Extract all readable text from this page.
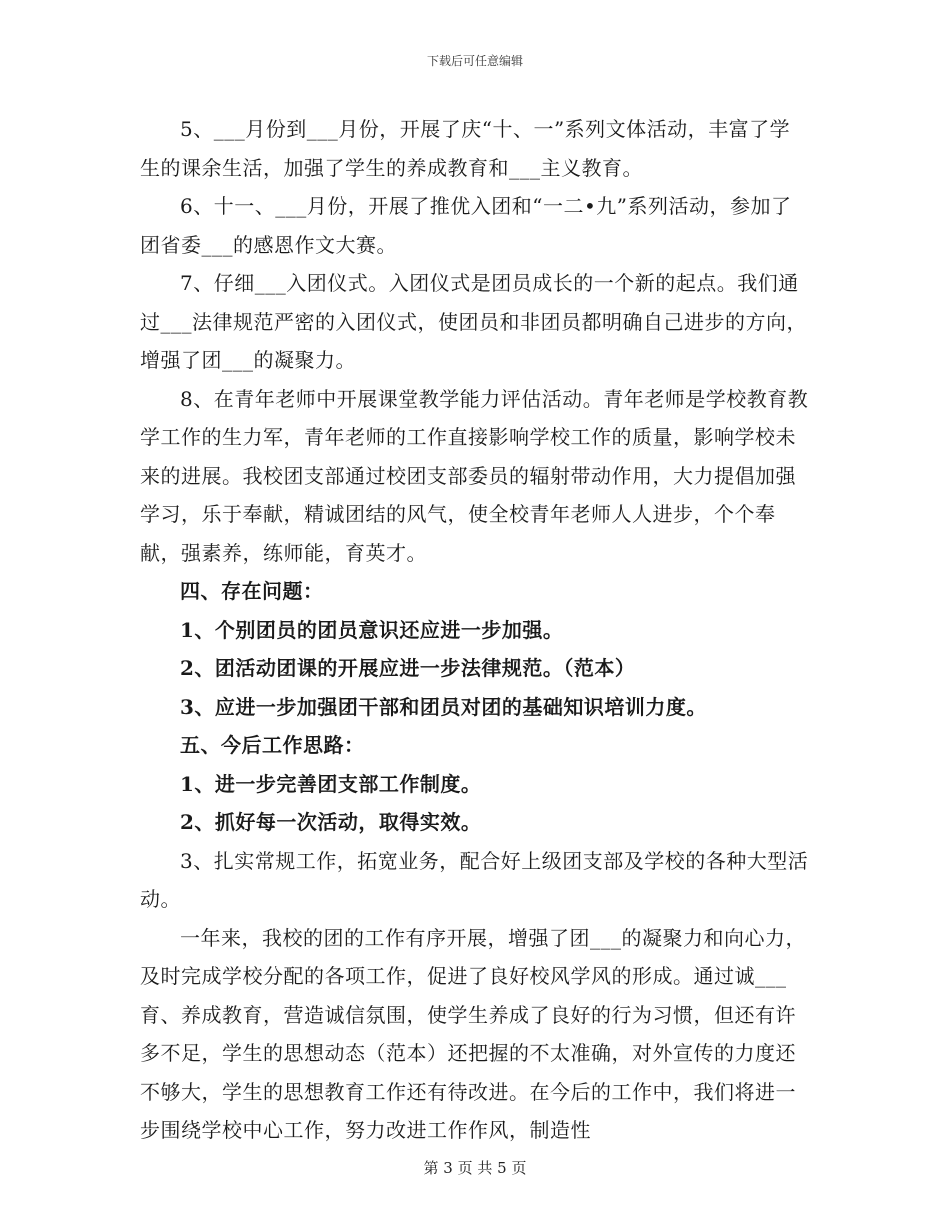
下载后可任意编辑

5、___月份到___月份，开展了庆“十、一”系列文体活动，丰富了学生的课余生活，加强了学生的养成教育和___主义教育。

6、十一、___月份，开展了推优入团和“一二•九”系列活动，参加了团省委___的感恩作文大赛。

7、仔细___入团仪式。入团仪式是团员成长的一个新的起点。我们通过___法律规范严密的入团仪式，使团员和非团员都明确自己进步的方向，增强了团___的凝聚力。

8、在青年老师中开展课堂教学能力评估活动。青年老师是学校教育教学工作的生力军，青年老师的工作直接影响学校工作的质量，影响学校未来的进展。我校团支部通过校团支部委员的辐射带动作用，大力提倡加强学习，乐于奉献，精诚团结的风气，使全校青年老师人人进步，个个奉献，强素养，练师能，育英才。

四、存在问题：

1、个别团员的团员意识还应进一步加强。

2、团活动团课的开展应进一步法律规范。（范本）

3、应进一步加强团干部和团员对团的基础知识培训力度。

五、今后工作思路：

1、进一步完善团支部工作制度。

2、抓好每一次活动，取得实效。

3、扎实常规工作，拓宽业务，配合好上级团支部及学校的各种大型活动。

一年来，我校的团的工作有序开展，增强了团___的凝聚力和向心力，及时完成学校分配的各项工作，促进了良好校风学风的形成。通过诚___育、养成教育，营造诚信氛围，使学生养成了良好的行为习惯，但还有许多不足，学生的思想动态（范本）还把握的不太准确，对外宣传的力度还不够大，学生的思想教育工作还有待改进。在今后的工作中，我们将进一步围绕学校中心工作，努力改进工作作风，制造性

第 3 页 共 5 页
